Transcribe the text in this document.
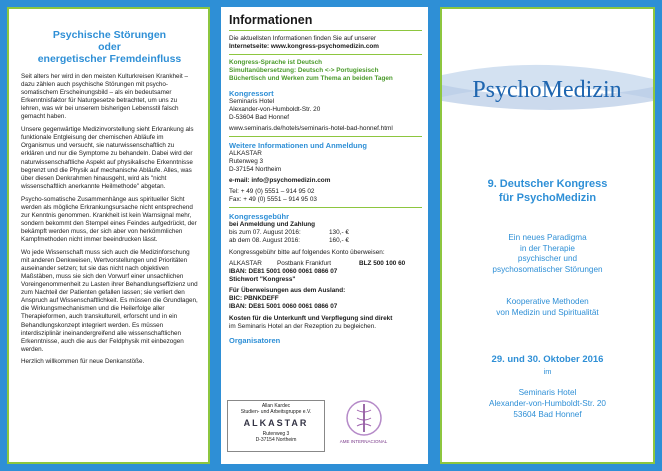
Psychische Störungen
oder
energetischer Fremdeinfluss

Seit alters her wird in den meisten Kulturkreisen Krankheit – dazu zählen auch psychische Störungen mit psycho-somatischem Erscheinungsbild – als ein bedeutsamer Erkenntnisfaktor für Naturgesetze betrachtet, um uns zu lehren, was wir bei unserem bisherigen Lebensstil falsch gemacht haben.

Unsere gegenwärtige Medizinvorstellung sieht Erkrankung als funktionale Entgleisung der chemischen Abläufe im Organismus und versucht, sie naturwissenschaftlich zu erklären und nur die Symptome zu behandeln. Dabei wird der naturwissenschaftliche Aspekt auf physikalische Erkenntnisse begrenzt und die Physik auf mechanische Abläufe. Alles, was über diesen Denkrahmen hinausgeht, wird als "nicht wissenschaftlich anerkannte Heilmethode" abgetan.

Psycho-somatische Zusammenhänge aus spiritueller Sicht werden als mögliche Erkrankungsursache nicht entsprechend zur Kenntnis genommen. Krankheit ist kein Warnsignal mehr, sondern bekommt den Stempel eines Feindes aufgedrückt, der bekämpft werden muss, der sich aber von herkömmlichen Kampfmethoden nicht immer beeindrucken lässt.

Wo jede Wissenschaft muss sich auch die Medizinforschung mit anderen Denkweisen, Wertvorstellungen und Prioritäten auseinander setzen; tut sie das nicht nach objektiven Maßstäben, muss sie sich den Vorwurf einer unsachlichen Voreingenommenheit zu Lasten ihrer Behandlungseffizienz und zum Nachteil der Patienten gefallen lassen; sie verliert den Anspruch auf Wissenschaftlichkeit. Es müssen die Grundlagen, die Wirkungsmechanismen und die Heilerfolge aller Therapieformen, auch transkulturell, erforscht und in ein Behandlungskonzept integriert werden. Es müssen interdisziplinär ineinandergreifend alle wissenschaftlichen Erkenntnisse, auch die aus der Feldphysik mit einbezogen werden.

Herzlich willkommen für neue Denkanstöße.

Informationen
Die aktuellsten Informationen finden Sie auf unserer
Internetseite: www.kongress-psychomedizin.com
Kongress-Sprache ist Deutsch
Simultanübersetzung: Deutsch <-> Portugiesisch
Büchertisch und Werken zum Thema an beiden Tagen
Kongressort
Seminaris Hotel
Alexander-von-Humboldt-Str. 20
D-53604 Bad Honnef
www.seminaris.de/hotels/seminaris-hotel-bad-honnef.html
Weitere Informationen und Anmeldung
ALKASTAR
Rutenweg 3
D-37154 Northeim
e-mail: info@psychomedizin.com
Tel: + 49 (0) 5551 – 914 95 02
Fax: + 49 (0) 5551 – 914 95 03
Kongressgebühr
bei Anmeldung und Zahlung
bis zum 07. August 2016:	130,- €
ab dem 08. August 2016:	160,- €
Kongressgebühr bitte auf folgendes Konto überweisen:
ALKASTAR	Postbank Frankfurt	BLZ 500 100 60
IBAN: DE81 5001 0060 0061 0866 07
Stichwort "Kongress"
Für Überweisungen aus dem Ausland:
BIC: PBNKDEFF
IBAN: DE81 5001 0060 0061 0866 07
Kosten für die Unterkunft und Verpflegung sind direkt
im Seminaris Hotel an der Rezeption zu begleichen.
Organisatoren
Allan Kardec
Studien- und Arbeitsgruppe e.V.
ALKASTAR
Rutenweg 3
D-37154 Northeim	AME INTERNACIONAL
PsychoMedizin
9. Deutscher Kongress
für PsychoMedizin
Ein neues Paradigma
in der Therapie
psychischer und
psychosomatischer Störungen
Kooperative Methoden
von Medizin und Spiritualität
29. und 30. Oktober 2016
im
Seminaris Hotel
Alexander-von-Humboldt-Str. 20
53604 Bad Honnef
